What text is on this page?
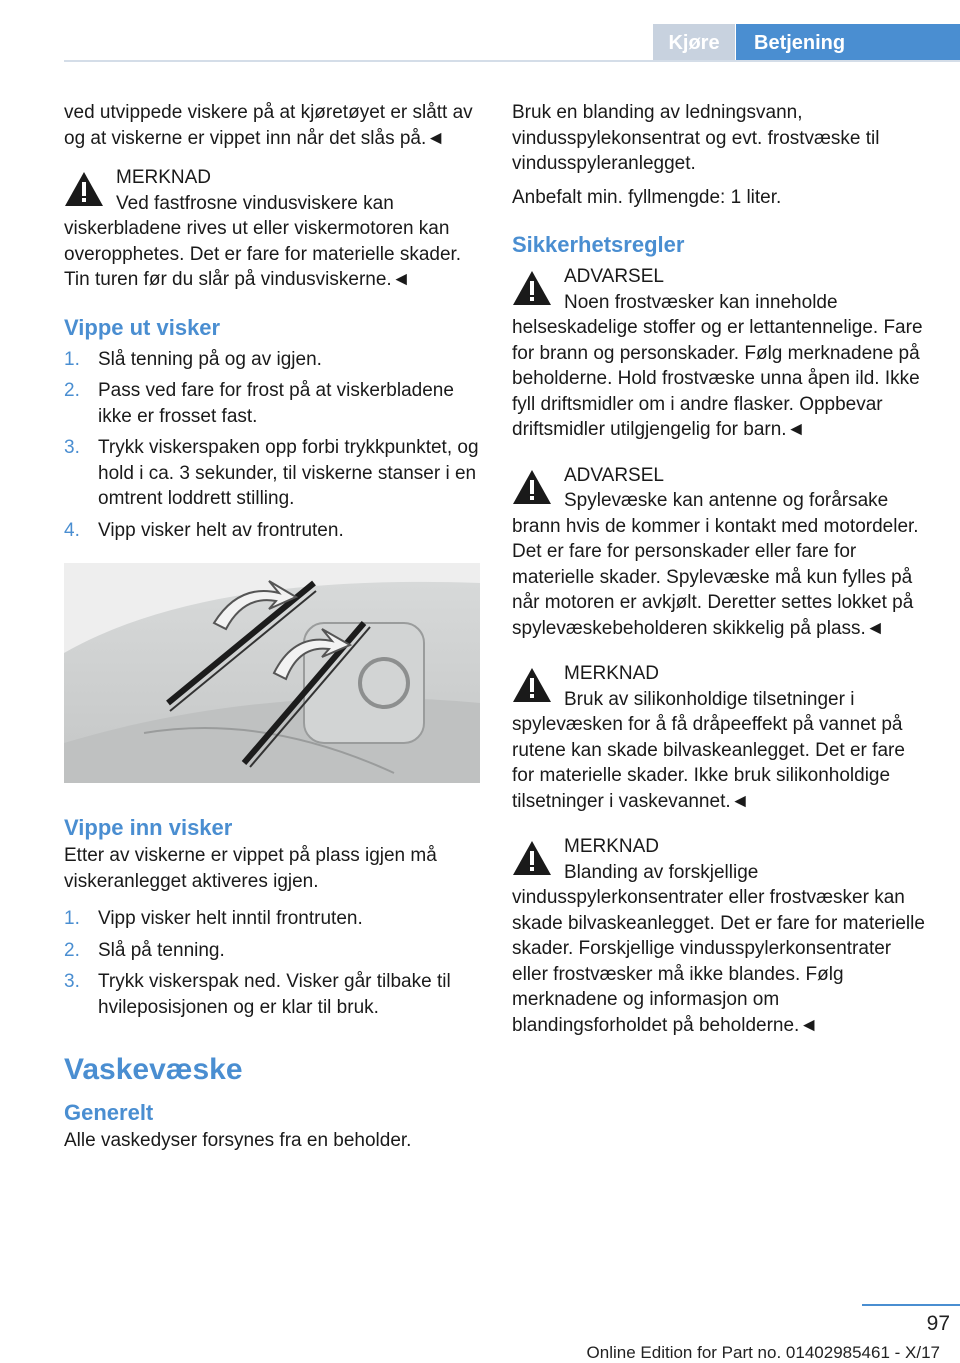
Kjøre	Betjening

ved utvippede viskere på at kjøretøyet er slått av og at viskerne er vippet inn når det slås på.◄

MERKNAD

Ved fastfrosne vindusviskere kan viskerbladene rives ut eller viskermotoren kan overopphetes. Det er fare for materielle skader. Tin turen før du slår på vindusviskerne.◄

Vippe ut visker
1. Slå tenning på og av igjen.
2. Pass ved fare for frost på at viskerbladene ikke er frosset fast.
3. Trykk viskerspaken opp forbi trykkpunktet, og hold i ca. 3 sekunder, til viskerne stanser i en omtrent loddrett stilling.
4. Vipp visker helt av frontruten.
Vippe inn visker

Etter av viskerne er vippet på plass igjen må viskeranlegget aktiveres igjen.

1. Vipp visker helt inntil frontruten.
2. Slå på tenning.
3. Trykk viskerspak ned. Visker går tilbake til hvileposisjonen og er klar til bruk.
Vaskevæske
Generelt

Alle vaskedyser forsynes fra en beholder.

Bruk en blanding av ledningsvann, vindusspylekonsentrat og evt. frostvæske til vindusspyleranlegget.

Anbefalt min. fyllmengde: 1 liter.

Sikkerhetsregler

ADVARSEL

Noen frostvæsker kan inneholde helseskadelige stoffer og er lettantennelige. Fare for brann og personskader. Følg merknadene på beholderne. Hold frostvæske unna åpen ild. Ikke fyll driftsmidler om i andre flasker. Oppbevar driftsmidler utilgjengelig for barn.◄

ADVARSEL

Spylevæske kan antenne og forårsake brann hvis de kommer i kontakt med motordeler. Det er fare for personskader eller fare for materielle skader. Spylevæske må kun fylles på når motoren er avkjølt. Deretter settes lokket på spylevæskebeholderen skikkelig på plass.◄

MERKNAD

Bruk av silikonholdige tilsetninger i spylevæsken for å få dråpeeffekt på vannet på rutene kan skade bilvaskeanlegget. Det er fare for materielle skader. Ikke bruk silikonholdige tilsetninger i vaskevannet.◄

MERKNAD

Blanding av forskjellige vindusspylerkonsentrater eller frostvæsker kan skade bilvaskeanlegget. Det er fare for materielle skader. Forskjellige vindusspylerkonsentrater eller frostvæsker må ikke blandes. Følg merknadene og informasjon om blandingsforholdet på beholderne.◄

97
Online Edition for Part no. 01402985461 - X/17
